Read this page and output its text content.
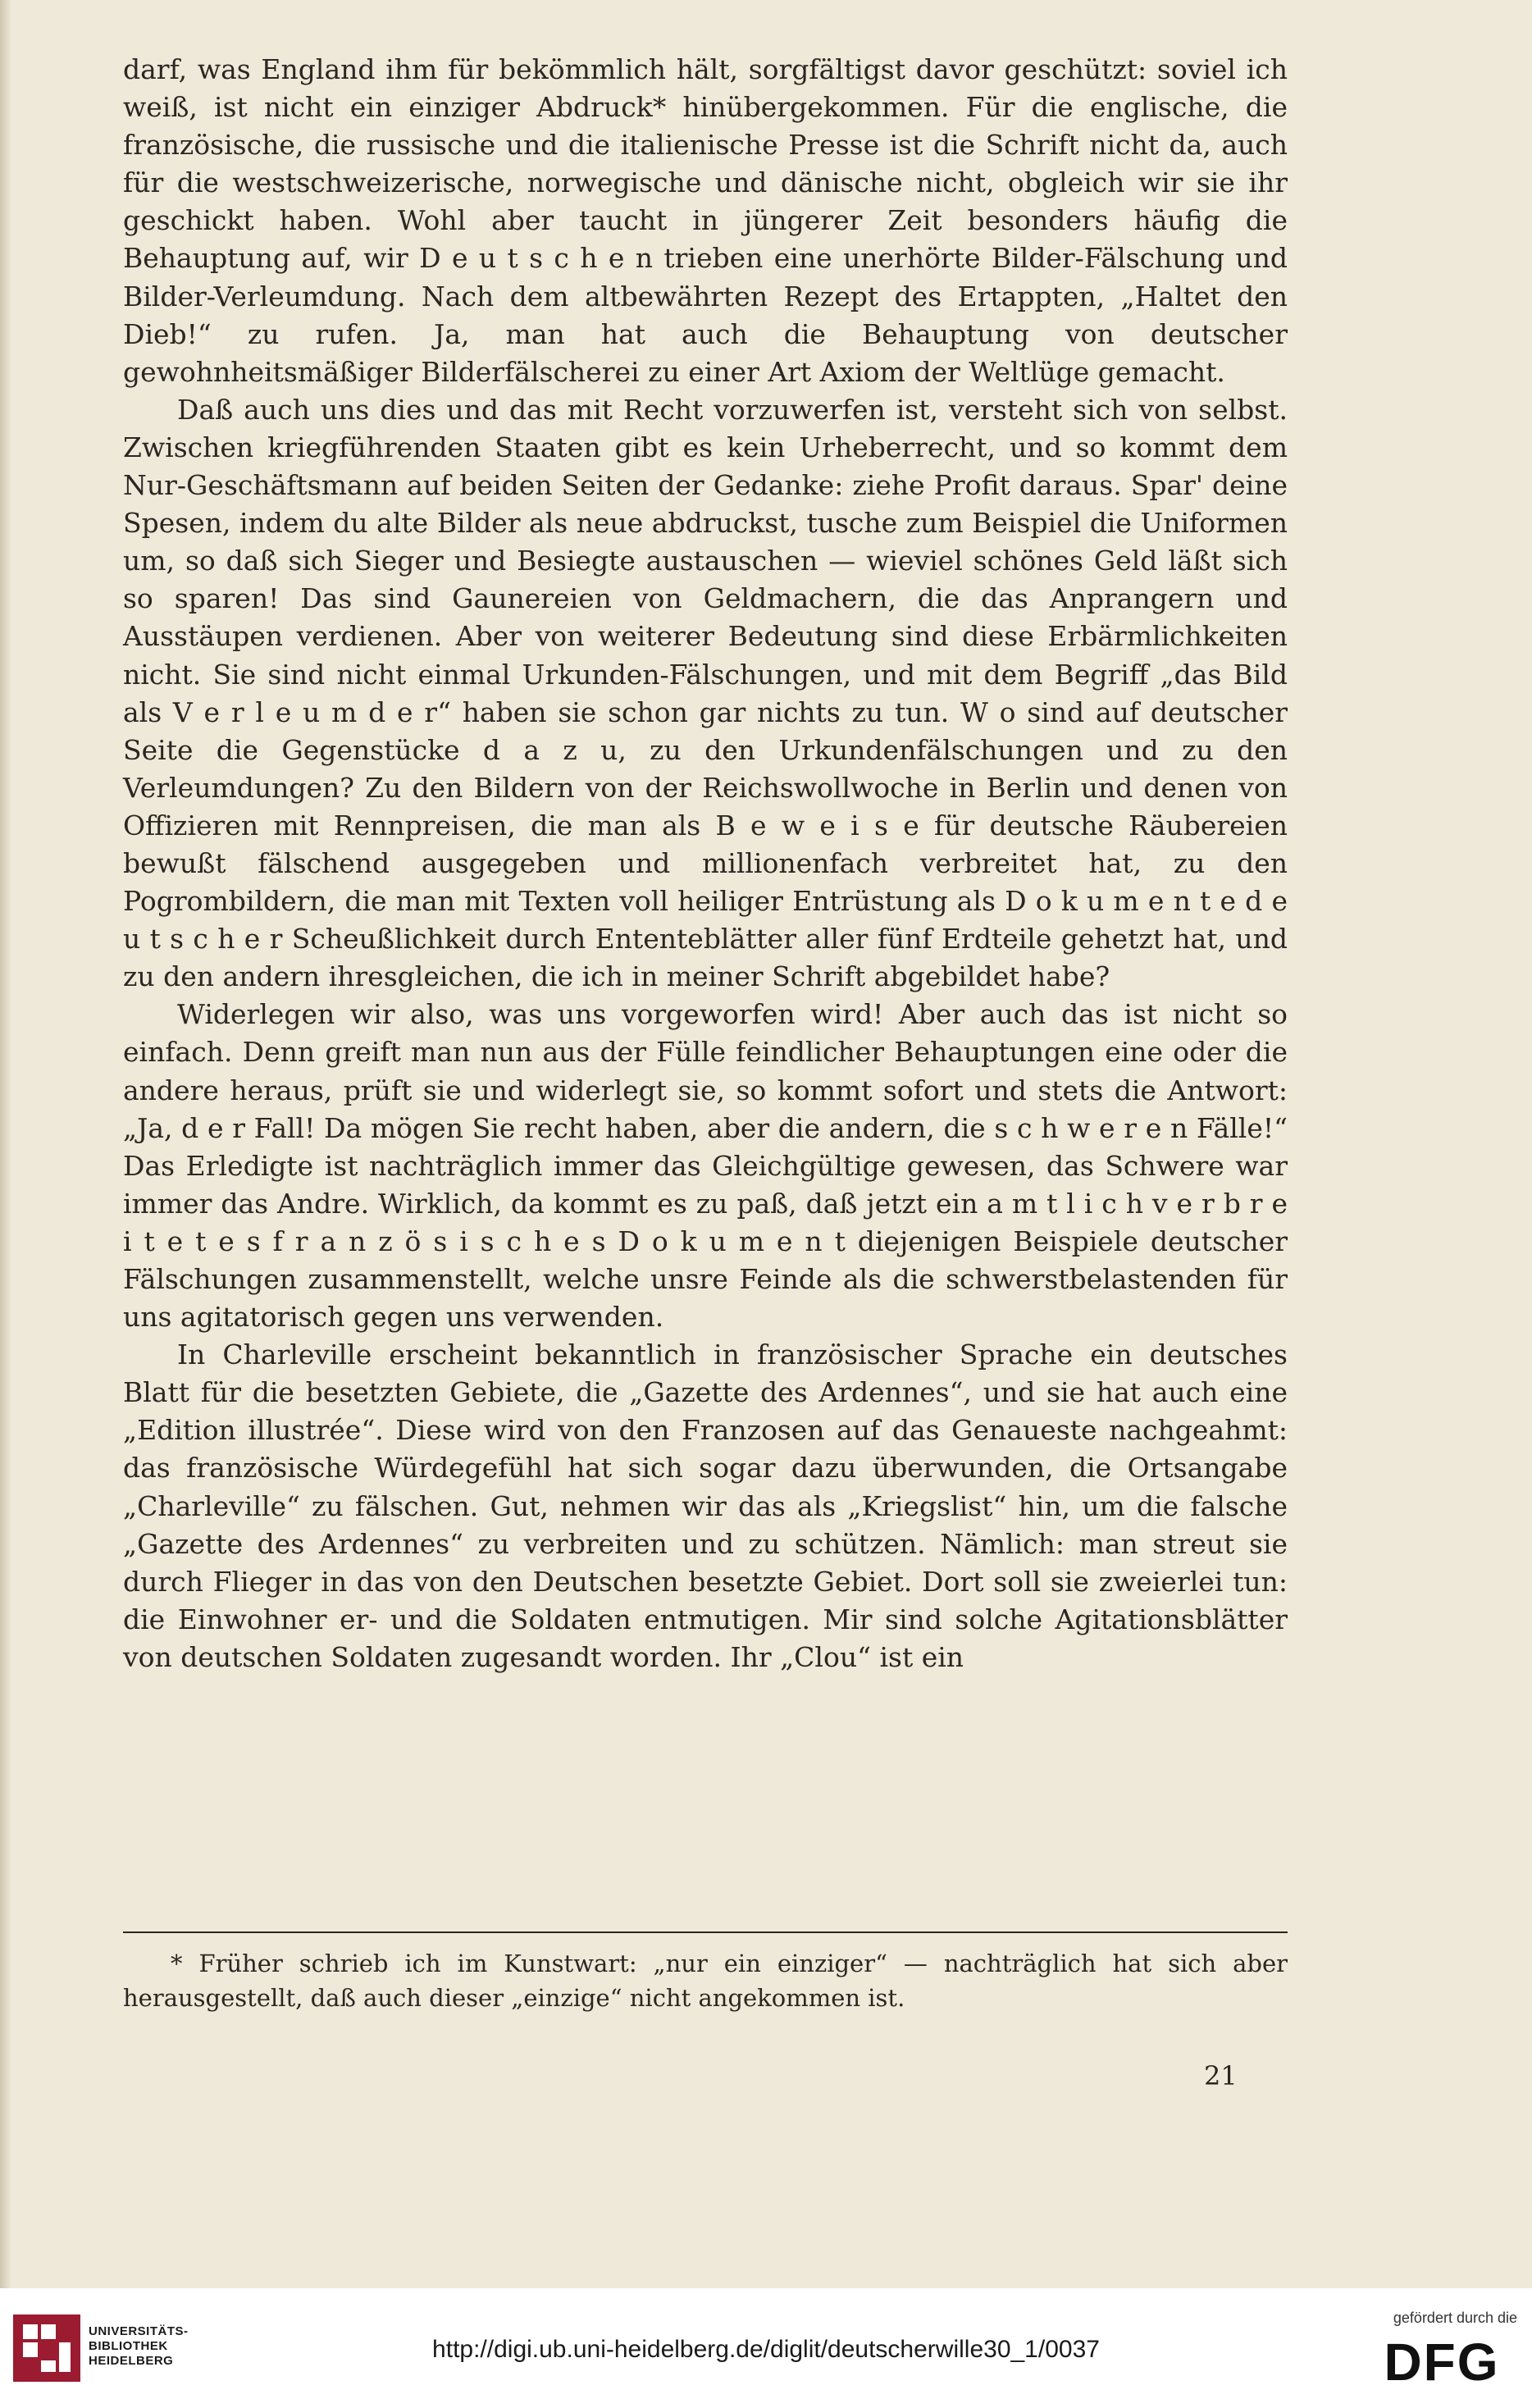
darf, was England ihm für bekömmlich hält, sorgfältigst davor geschützt: soviel ich weiß, ist nicht ein einziger Abdruck* hinübergekommen. Für die englische, die französische, die russische und die italienische Presse ist die Schrift nicht da, auch für die westschweizerische, norwegische und dänische nicht, obgleich wir sie ihr geschickt haben. Wohl aber taucht in jüngerer Zeit besonders häufig die Behauptung auf, wir D e u t s c h e n trieben eine unerhörte Bilder-Fälschung und Bilder-Verleumdung. Nach dem altbewährten Rezept des Ertappten, „Haltet den Dieb!“ zu rufen. Ja, man hat auch die Behauptung von deutscher gewohnheitsmäßiger Bilderfälscherei zu einer Art Axiom der Weltlüge gemacht.

Daß auch uns dies und das mit Recht vorzuwerfen ist, versteht sich von selbst. Zwischen kriegführenden Staaten gibt es kein Urheberrecht, und so kommt dem Nur-Geschäftsmann auf beiden Seiten der Gedanke: ziehe Profit daraus. Spar' deine Spesen, indem du alte Bilder als neue abdruckst, tusche zum Beispiel die Uniformen um, so daß sich Sieger und Besiegte austauschen — wieviel schönes Geld läßt sich so sparen! Das sind Gaunereien von Geldmachern, die das Anprangern und Ausstäupen verdienen. Aber von weiterer Bedeutung sind diese Erbärmlichkeiten nicht. Sie sind nicht einmal Urkunden-Fälschungen, und mit dem Begriff „das Bild als V e r l e u m d e r“ haben sie schon gar nichts zu tun. W o sind auf deutscher Seite die Gegenstücke d a z u, zu den Urkundenfälschungen und zu den Verleumdungen? Zu den Bildern von der Reichswollwoche in Berlin und denen von Offizieren mit Rennpreisen, die man als B e w e i s e für deutsche Räubereien bewußt fälschend ausgegeben und millionenfach verbreitet hat, zu den Pogrombildern, die man mit Texten voll heiliger Entrüstung als D o k u m e n t e d e u t s c h e r Scheußlichkeit durch Ententeblätter aller fünf Erdteile gehetzt hat, und zu den andern ihresgleichen, die ich in meiner Schrift abgebildet habe?

Widerlegen wir also, was uns vorgeworfen wird! Aber auch das ist nicht so einfach. Denn greift man nun aus der Fülle feindlicher Behauptungen eine oder die andere heraus, prüft sie und widerlegt sie, so kommt sofort und stets die Antwort: „Ja, d e r Fall! Da mögen Sie recht haben, aber die andern, die s c h w e r e n Fälle!“ Das Erledigte ist nachträglich immer das Gleichgültige gewesen, das Schwere war immer das Andre. Wirklich, da kommt es zu paß, daß jetzt ein a m t l i c h v e r b r e i t e t e s f r a n z ö s i s c h e s D o k u m e n t diejenigen Beispiele deutscher Fälschungen zusammenstellt, welche unsre Feinde als die schwerstbelastenden für uns agitatorisch gegen uns verwenden.

In Charleville erscheint bekanntlich in französischer Sprache ein deutsches Blatt für die besetzten Gebiete, die „Gazette des Ardennes“, und sie hat auch eine „Edition illustrée“. Diese wird von den Franzosen auf das Genaueste nachgeahmt: das französische Würdegefühl hat sich sogar dazu überwunden, die Ortsangabe „Charleville“ zu fälschen. Gut, nehmen wir das als „Kriegslist“ hin, um die falsche „Gazette des Ardennes“ zu verbreiten und zu schützen. Nämlich: man streut sie durch Flieger in das von den Deutschen besetzte Gebiet. Dort soll sie zweierlei tun: die Einwohner er- und die Soldaten entmutigen. Mir sind solche Agitationsblätter von deutschen Soldaten zugesandt worden. Ihr „Clou“ ist ein

* Früher schrieb ich im Kunstwart: „nur ein einziger“ — nachträglich hat sich aber herausgestellt, daß auch dieser „einzige“ nicht angekommen ist.

21
UNIVERSITÄTS-
BIBLIOTHEK
HEIDELBERG	http://digi.ub.uni-heidelberg.de/diglit/deutscherwille30_1/0037
gefördert durch die
DFG
